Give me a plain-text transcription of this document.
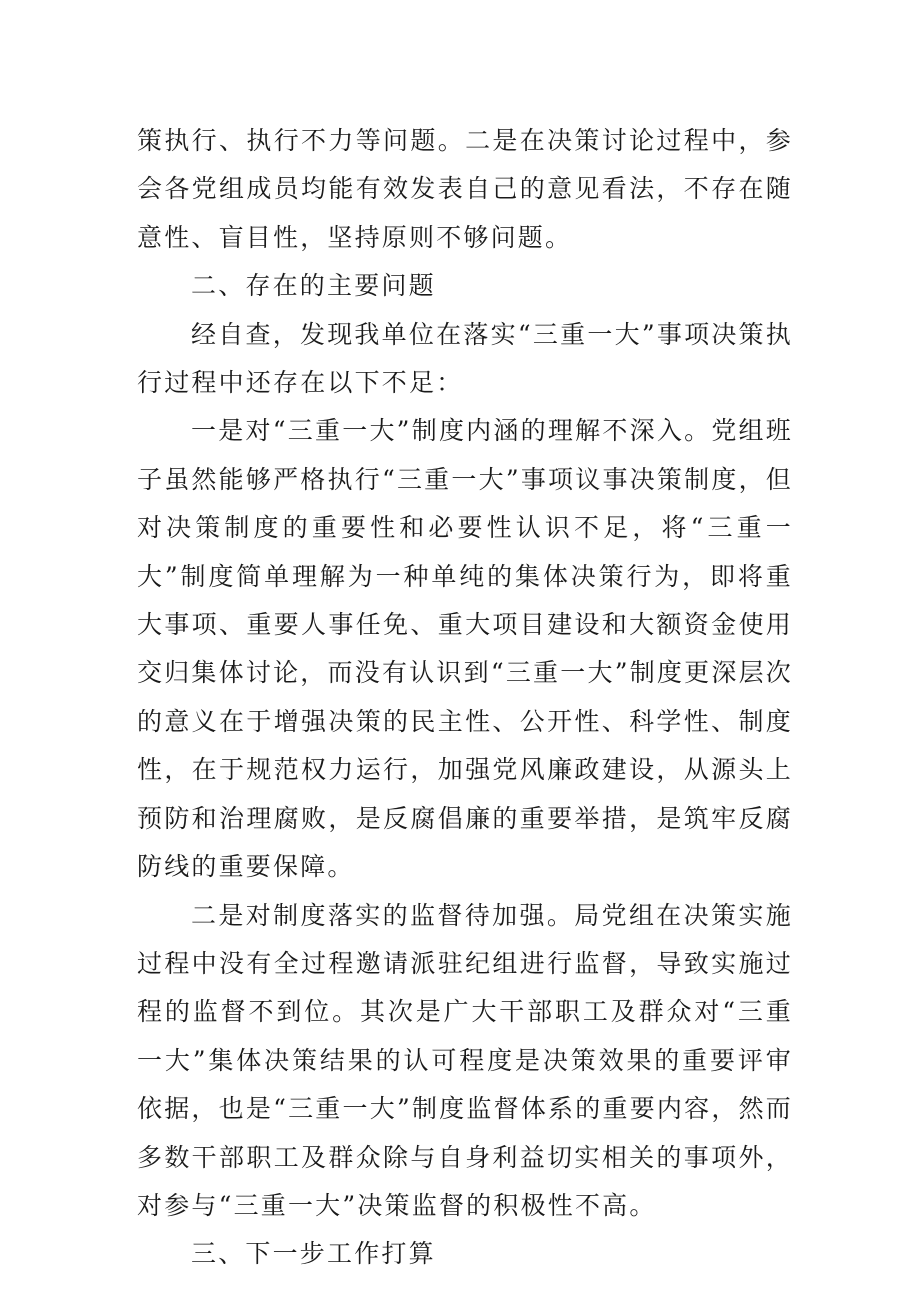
策执行、执行不力等问题。二是在决策讨论过程中，参会各党组成员均能有效发表自己的意见看法，不存在随意性、盲目性，坚持原则不够问题。

二、存在的主要问题

经自查，发现我单位在落实“三重一大”事项决策执行过程中还存在以下不足：

一是对“三重一大”制度内涵的理解不深入。党组班子虽然能够严格执行“三重一大”事项议事决策制度，但对决策制度的重要性和必要性认识不足，将“三重一大”制度简单理解为一种单纯的集体决策行为，即将重大事项、重要人事任免、重大项目建设和大额资金使用交归集体讨论，而没有认识到“三重一大”制度更深层次的意义在于增强决策的民主性、公开性、科学性、制度性，在于规范权力运行，加强党风廉政建设，从源头上预防和治理腐败，是反腐倡廉的重要举措，是筑牢反腐防线的重要保障。

二是对制度落实的监督待加强。局党组在决策实施过程中没有全过程邀请派驻纪组进行监督，导致实施过程的监督不到位。其次是广大干部职工及群众对“三重一大”集体决策结果的认可程度是决策效果的重要评审依据，也是“三重一大”制度监督体系的重要内容，然而多数干部职工及群众除与自身利益切实相关的事项外，对参与“三重一大”决策监督的积极性不高。

三、下一步工作打算
